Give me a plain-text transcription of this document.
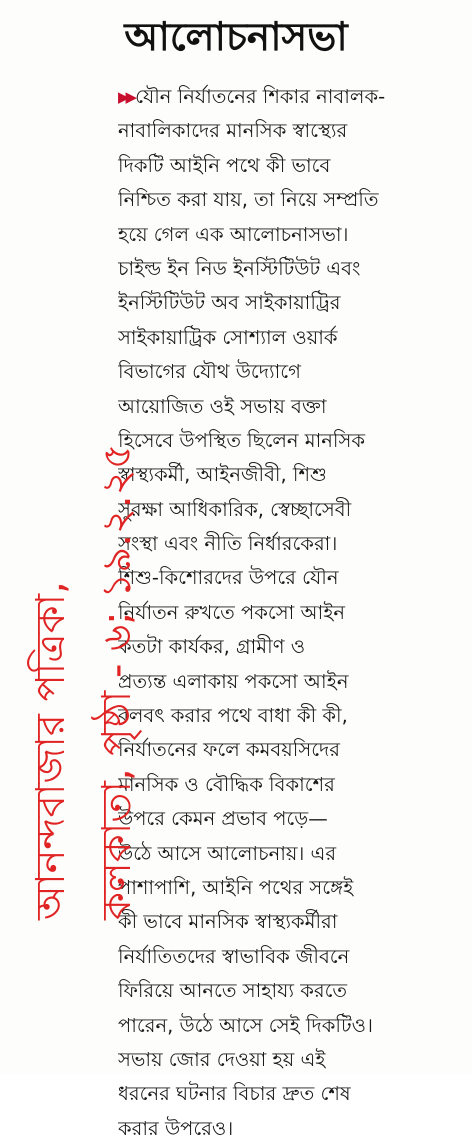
আলোচনাসভা
▶▶ যৌন নির্যাতনের শিকার নাবালক-
নাবালিকাদের মানসিক স্বাস্থ্যের
দিকটি আইনি পথে কী ভাবে
নিশ্চিত করা যায়, তা নিয়ে সম্প্রতি
হয়ে গেল এক আলোচনাসভা।
চাইল্ড ইন নিড ইনস্টিটিউট এবং
ইনস্টিটিউট অব সাইকায়াট্রির
সাইকায়াট্রিক সোশ্যাল ওয়ার্ক
বিভাগের যৌথ উদ্যোগে
আয়োজিত ওই সভায় বক্তা
হিসেবে উপস্থিত ছিলেন মানসিক
স্বাস্থ্যকর্মী, আইনজীবী, শিশু
সুরক্ষা আধিকারিক, স্বেচ্ছাসেবী
সংস্থা এবং নীতি নির্ধারকেরা।
শিশু-কিশোরদের উপরে যৌন
নির্যাতন রুখতে পকসো আইন
কতটা কার্যকর, গ্রামীণ ও
প্রত্যন্ত এলাকায় পকসো আইন
বলবৎ করার পথে বাধা কী কী,
নির্যাতনের ফলে কমবয়সিদের
মানসিক ও বৌদ্ধিক বিকাশের
উপরে কেমন প্রভাব পড়ে—
উঠে আসে আলোচনায়। এর
পাশাপাশি, আইনি পথের সঙ্গেই
কী ভাবে মানসিক স্বাস্থ্যকর্মীরা
নির্যাতিতদের স্বাভাবিক জীবনে
ফিরিয়ে আনতে সাহায্য করতে
পারেন, উঠে আসে সেই দিকটিও।
সভায় জোর দেওয়া হয় এই
ধরনের ঘটনার বিচার দ্রুত শেষ
করার উপরেও।
আনন্দবাজার পত্রিকা, কলকাতা, পৃষ্ঠা - ৬; ১৯.২.২৫
